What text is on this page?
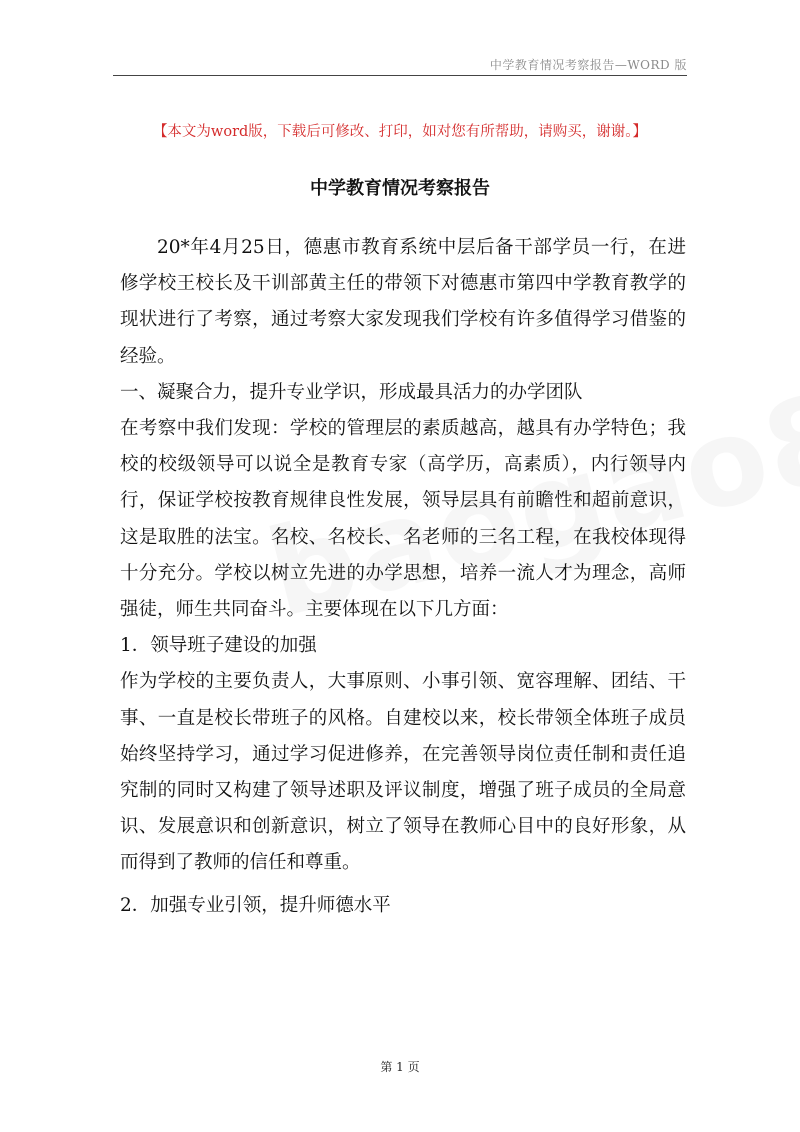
中学教育情况考察报告—WORD 版
【本文为word版，下载后可修改、打印，如对您有所帮助，请购买，谢谢。】
中学教育情况考察报告

20*年4月25日，德惠市教育系统中层后备干部学员一行，在进修学校王校长及干训部黄主任的带领下对德惠市第四中学教育教学的现状进行了考察，通过考察大家发现我们学校有许多值得学习借鉴的经验。

一、凝聚合力，提升专业学识，形成最具活力的办学团队

在考察中我们发现：学校的管理层的素质越高，越具有办学特色；我校的校级领导可以说全是教育专家（高学历，高素质），内行领导内行，保证学校按教育规律良性发展，领导层具有前瞻性和超前意识，这是取胜的法宝。名校、名校长、名老师的三名工程，在我校体现得十分充分。学校以树立先进的办学思想，培养一流人才为理念，高师强徒，师生共同奋斗。主要体现在以下几方面：

1．领导班子建设的加强

作为学校的主要负责人，大事原则、小事引领、宽容理解、团结、干事、一直是校长带班子的风格。自建校以来，校长带领全体班子成员始终坚持学习，通过学习促进修养，在完善领导岗位责任制和责任追究制的同时又构建了领导述职及评议制度，增强了班子成员的全局意识、发展意识和创新意识，树立了领导在教师心目中的良好形象，从而得到了教师的信任和尊重。

2．加强专业引领，提升师德水平

第 1 页
